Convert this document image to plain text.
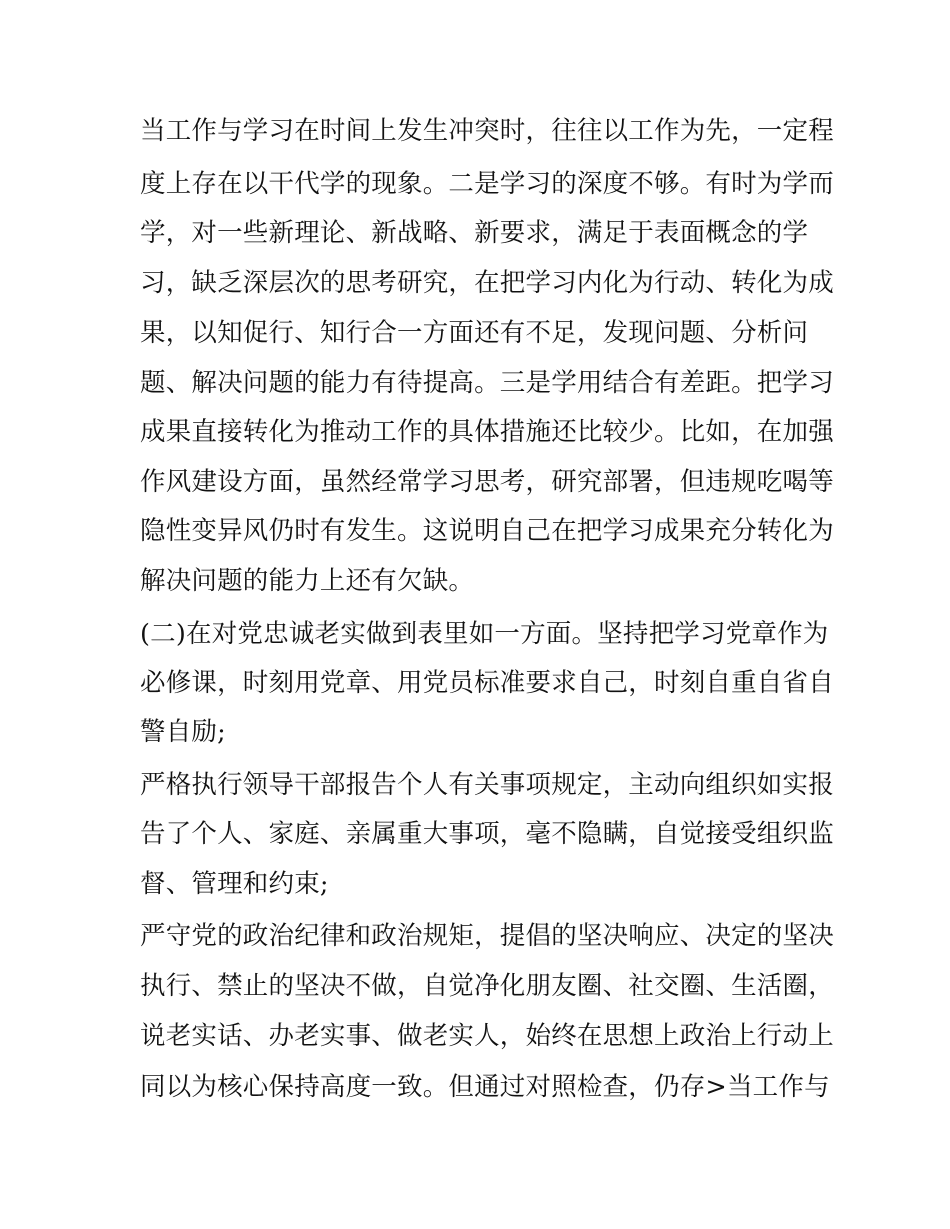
当工作与学习在时间上发生冲突时，往往以工作为先，一定程
度上存在以干代学的现象。二是学习的深度不够。有时为学而
学，对一些新理论、新战略、新要求，满足于表面概念的学
习，缺乏深层次的思考研究，在把学习内化为行动、转化为成
果，以知促行、知行合一方面还有不足，发现问题、分析问
题、解决问题的能力有待提高。三是学用结合有差距。把学习
成果直接转化为推动工作的具体措施还比较少。比如，在加强
作风建设方面，虽然经常学习思考，研究部署，但违规吃喝等
隐性变异风仍时有发生。这说明自己在把学习成果充分转化为
解决问题的能力上还有欠缺。
(二)在对党忠诚老实做到表里如一方面。坚持把学习党章作为
必修课，时刻用党章、用党员标准要求自己，时刻自重自省自
警自励;
严格执行领导干部报告个人有关事项规定，主动向组织如实报
告了个人、家庭、亲属重大事项，毫不隐瞒，自觉接受组织监
督、管理和约束;
严守党的政治纪律和政治规矩，提倡的坚决响应、决定的坚决
执行、禁止的坚决不做，自觉净化朋友圈、社交圈、生活圈，
说老实话、办老实事、做老实人，始终在思想上政治上行动上
同以为核心保持高度一致。但通过对照检查，仍存>当工作与
